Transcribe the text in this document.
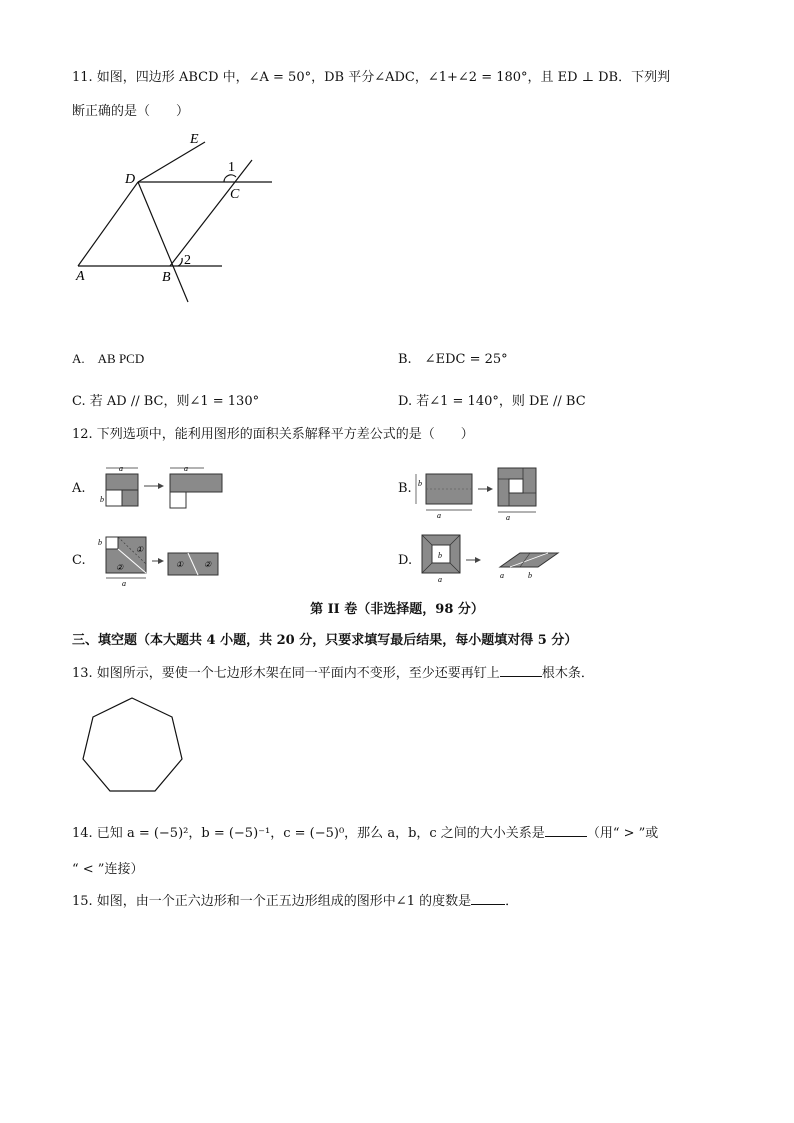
11. 如图，四边形 ABCD 中，∠A = 50°，DB 平分∠ADC，∠1+∠2 = 180°，且 ED ⊥ DB．下列判
断正确的是（　　）
E
D
1
C
A	B
2
A.　AB PCD	B.　∠EDC = 25°
C. 若 AD // BC，则∠1 = 130°	D. 若∠1 = 140°，则 DE // BC
12. 下列选项中，能利用图形的面积关系解释平方差公式的是（　　）
A.	B.
C.	D.
a
b
a
b
a	a
①
②
b
a
①	②
b
a	a	b
第 II 卷（非选择题，98 分）
三、填空题（本大题共 4 小题，共 20 分，只要求填写最后结果，每小题填对得 5 分）
13. 如图所示，要使一个七边形木架在同一平面内不变形，至少还要再钉上	根木条．
14. 已知 a = (−5)²，b = (−5)⁻¹，c = (−5)⁰，那么 a，b，c 之间的大小关系是	（用“ > ”或
“ < ”连接）
15. 如图，由一个正六边形和一个正五边形组成的图形中∠1 的度数是	．
